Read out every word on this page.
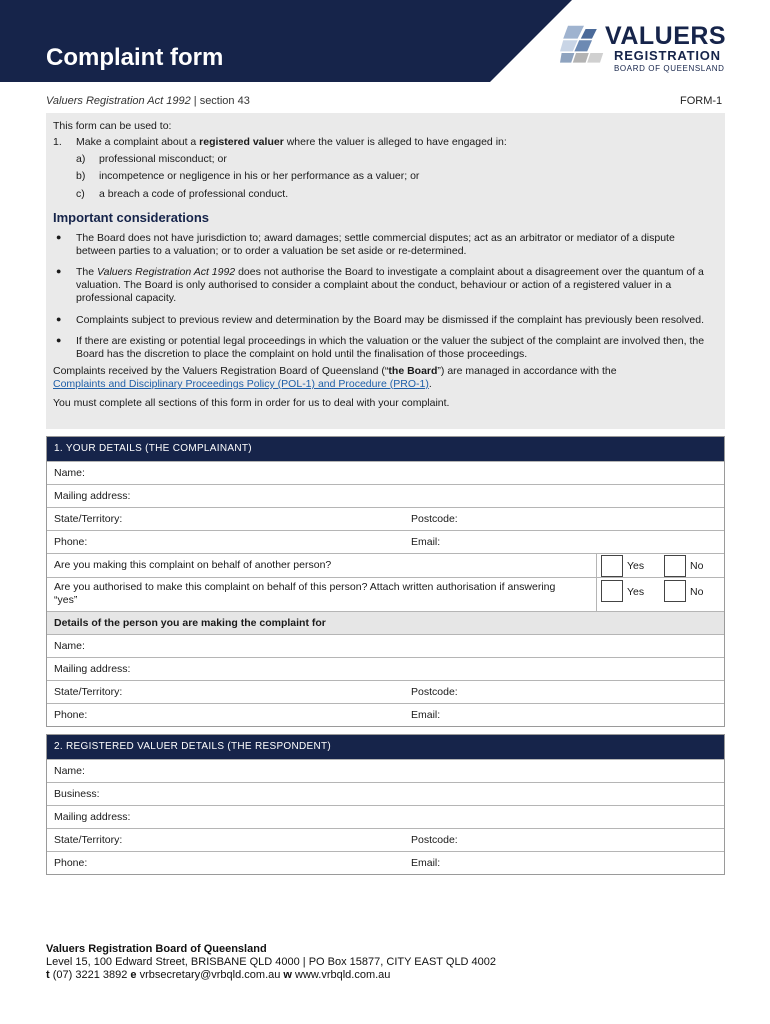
Complaint form
VALUERS
REGISTRATION
BOARD OF QUEENSLAND
Valuers Registration Act 1992 | section 43	FORM-1

This form can be used to:

1.	Make a complaint about a registered valuer where the valuer is alleged to have engaged in:
a)	professional misconduct; or
b)	incompetence or negligence in his or her performance as a valuer; or
c)	a breach a code of professional conduct.
Important considerations
●	The Board does not have jurisdiction to; award damages; settle commercial disputes; act as an arbitrator or mediator of a dispute between parties to a valuation; or to order a valuation be set aside or re-determined.
●	The Valuers Registration Act 1992 does not authorise the Board to investigate a complaint about a disagreement over the quantum of a valuation. The Board is only authorised to consider a complaint about the conduct, behaviour or action of a registered valuer in a professional capacity.
●	Complaints subject to previous review and determination by the Board may be dismissed if the complaint has previously been resolved.
●	If there are existing or potential legal proceedings in which the valuation or the valuer the subject of the complaint are involved then, the Board has the discretion to place the complaint on hold until the finalisation of those proceedings.

Complaints received by the Valuers Registration Board of Queensland (“the Board”) are managed in accordance with the
Complaints and Disciplinary Proceedings Policy (POL-1) and Procedure (PRO-1).

You must complete all sections of this form in order for us to deal with your complaint.

1. YOUR DETAILS (THE COMPLAINANT)
Name:
Mailing address:
State/Territory:	Postcode:
Phone:	Email:
Are you making this complaint on behalf of another person?	Yes	No
Are you authorised to make this complaint on behalf of this person? Attach written authorisation if answering “yes”
Yes	No
Details of the person you are making the complaint for
Name:
Mailing address:
State/Territory:	Postcode:
Phone:	Email:
2. REGISTERED VALUER DETAILS (THE RESPONDENT)
Name:
Business:
Mailing address:
State/Territory:	Postcode:
Phone:	Email:
Valuers Registration Board of Queensland
Level 15, 100 Edward Street, BRISBANE QLD 4000 | PO Box 15877, CITY EAST QLD 4002
t (07) 3221 3892 e vrbsecretary@vrbqld.com.au w www.vrbqld.com.au
